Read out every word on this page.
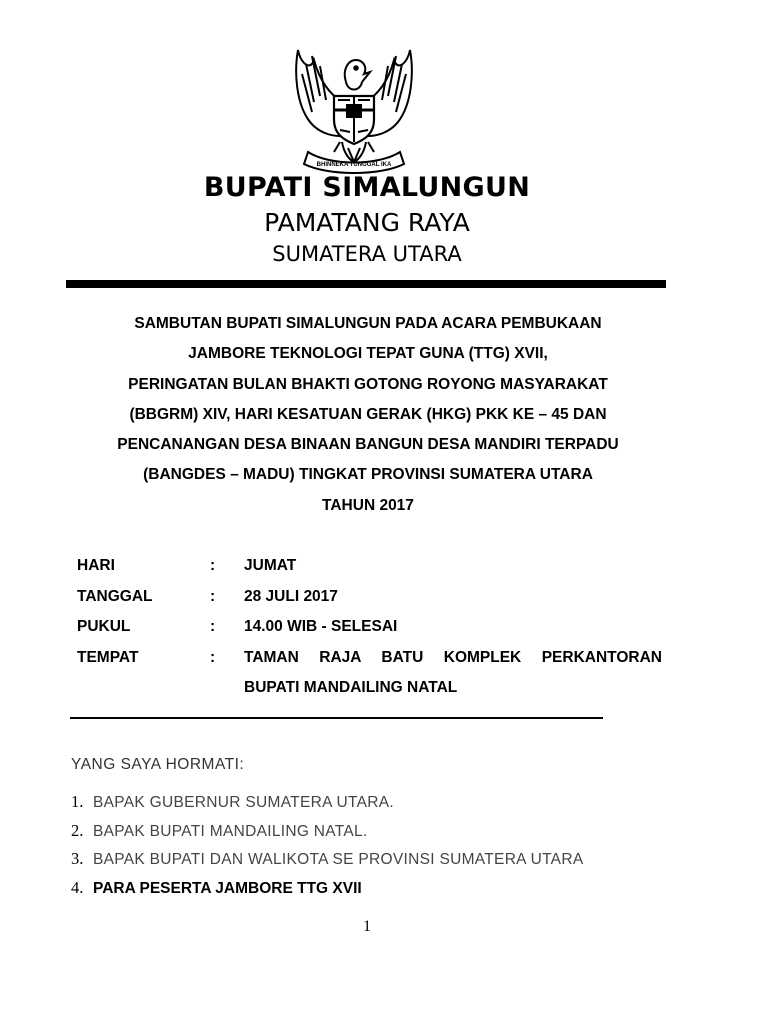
BHINNEKA TUNGGAL IKA
BUPATI SIMALUNGUN
PAMATANG RAYA
SUMATERA UTARA
SAMBUTAN BUPATI SIMALUNGUN PADA ACARA PEMBUKAAN
JAMBORE TEKNOLOGI TEPAT GUNA (TTG) XVII,
PERINGATAN BULAN BHAKTI GOTONG ROYONG MASYARAKAT
(BBGRM) XIV, HARI KESATUAN GERAK (HKG) PKK KE – 45 DAN
PENCANANGAN DESA BINAAN BANGUN DESA MANDIRI TERPADU
(BANGDES – MADU) TINGKAT PROVINSI SUMATERA UTARA
TAHUN 2017
HARI	: JUMAT
TANGGAL	: 28 JULI 2017
PUKUL	: 14.00 WIB - SELESAI
TEMPAT	: TAMAN RAJA BATU KOMPLEK PERKANTORAN
BUPATI MANDAILING NATAL
YANG SAYA HORMATI:
1. BAPAK GUBERNUR SUMATERA UTARA.
2. BAPAK BUPATI MANDAILING NATAL.
3. BAPAK BUPATI DAN WALIKOTA SE PROVINSI SUMATERA UTARA
4. PARA PESERTA JAMBORE TTG XVII
1
